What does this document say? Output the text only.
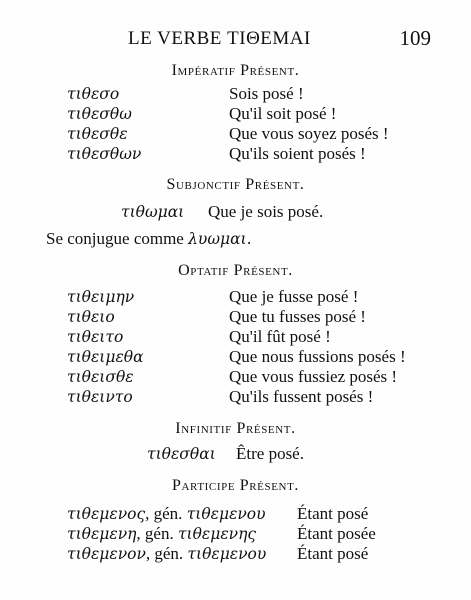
LE VERBE ΤΙΘΕΜΑΙ	109
Impératif Présent.
τιθεσο	Sois posé !
τιθεσθω	Qu'il soit posé !
τιθεσθε	Que vous soyez posés !
τιθεσθων	Qu'ils soient posés !
Subjonctif Présent.
τιθωμαι Que je sois posé.
Se conjugue comme λυωμαι.
Optatif Présent.
τιθειμην	Que je fusse posé !
τιθειο	Que tu fusses posé !
τιθειτο	Qu'il fût posé !
τιθειμεθα	Que nous fussions posés !
τιθεισθε	Que vous fussiez posés !
τιθειντο	Qu'ils fussent posés !
Infinitif Présent.
τιθεσθαι Être posé.
Participe Présent.
τιθεμενος, gén. τιθεμενου Étant posé
τιθεμενη, gén. τιθεμενης Étant posée
τιθεμενον, gén. τιθεμενου Étant posé
